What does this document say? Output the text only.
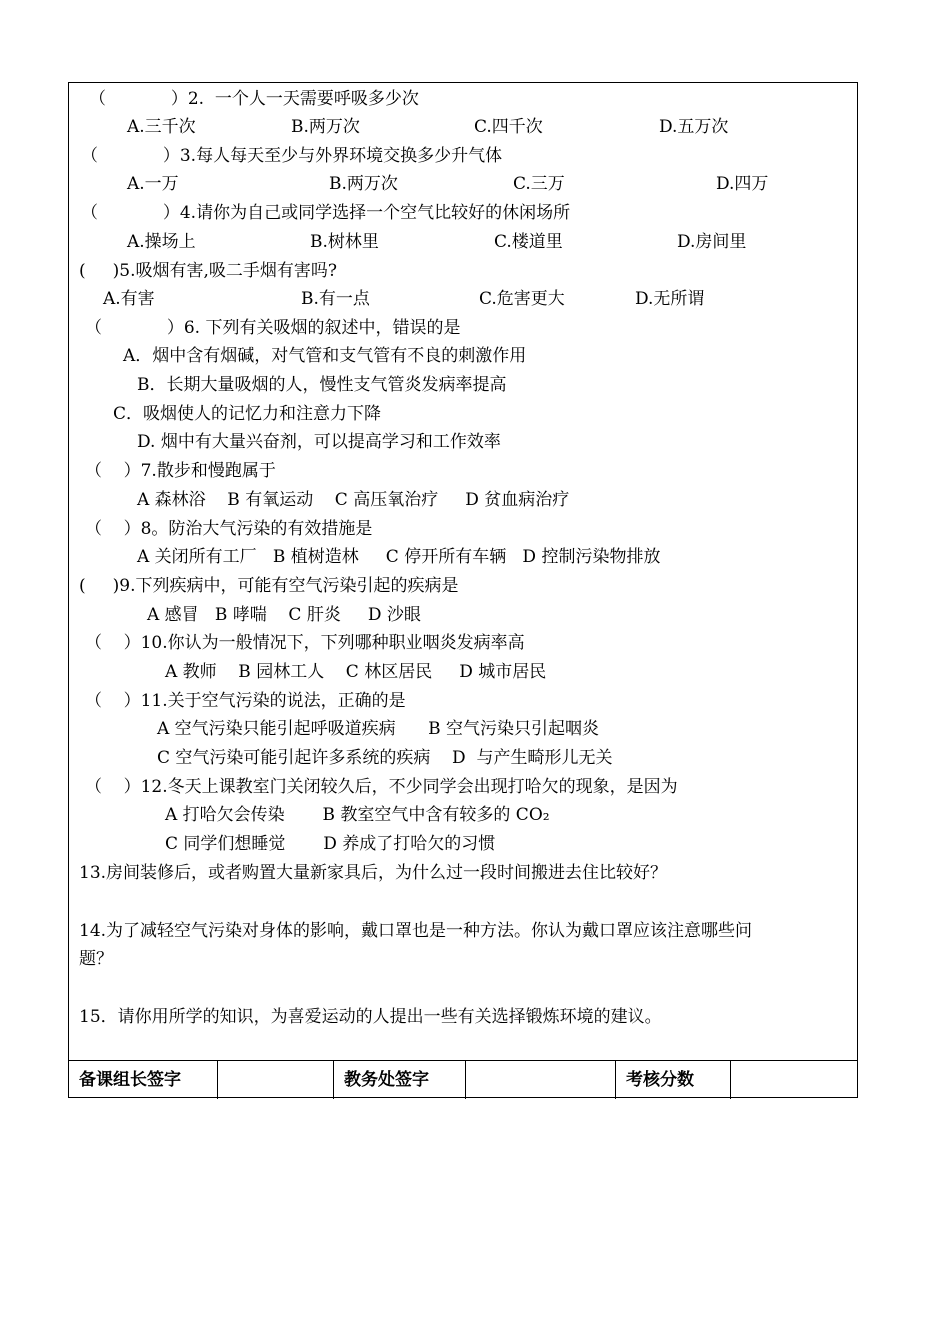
（            ）2.  一个人一天需要呼吸多少次
A.三千次	B.两万次	C.四千次	D.五万次
（            ）3.每人每天至少与外界环境交换多少升气体
A.一万	B.两万次	C.三万	D.四万
（            ）4.请你为自己或同学选择一个空气比较好的休闲场所
A.操场上	B.树林里	C.楼道里	D.房间里
(     )5.吸烟有害,吸二手烟有害吗?
A.有害	B.有一点	C.危害更大	D.无所谓
（            ）6. 下列有关吸烟的叙述中，错误的是
A．烟中含有烟碱，对气管和支气管有不良的刺激作用
B．长期大量吸烟的人，慢性支气管炎发病率提高
C．吸烟使人的记忆力和注意力下降
D. 烟中有大量兴奋剂，可以提高学习和工作效率
（    ）7.散步和慢跑属于
A 森林浴    B 有氧运动    C 高压氧治疗     D 贫血病治疗
（    ）8。防治大气污染的有效措施是
A 关闭所有工厂   B 植树造林     C 停开所有车辆   D 控制污染物排放
(     )9.下列疾病中，可能有空气污染引起的疾病是
A 感冒   B 哮喘    C 肝炎     D 沙眼
（    ）10.你认为一般情况下，下列哪种职业咽炎发病率高
A 教师    B 园林工人    C 林区居民     D 城市居民
（    ）11.关于空气污染的说法，正确的是
A 空气污染只能引起呼吸道疾病      B 空气污染只引起咽炎
C 空气污染可能引起许多系统的疾病    D  与产生畸形儿无关
（    ）12.冬天上课教室门关闭较久后，不少同学会出现打哈欠的现象，是因为
A 打哈欠会传染       B 教室空气中含有较多的 CO₂
C 同学们想睡觉       D 养成了打哈欠的习惯
13.房间装修后，或者购置大量新家具后，为什么过一段时间搬进去住比较好？
14.为了减轻空气污染对身体的影响，戴口罩也是一种方法。你认为戴口罩应该注意哪些问
题？
15．请你用所学的知识，为喜爱运动的人提出一些有关选择锻炼环境的建议。
备课组长签字	教务处签字	考核分数
